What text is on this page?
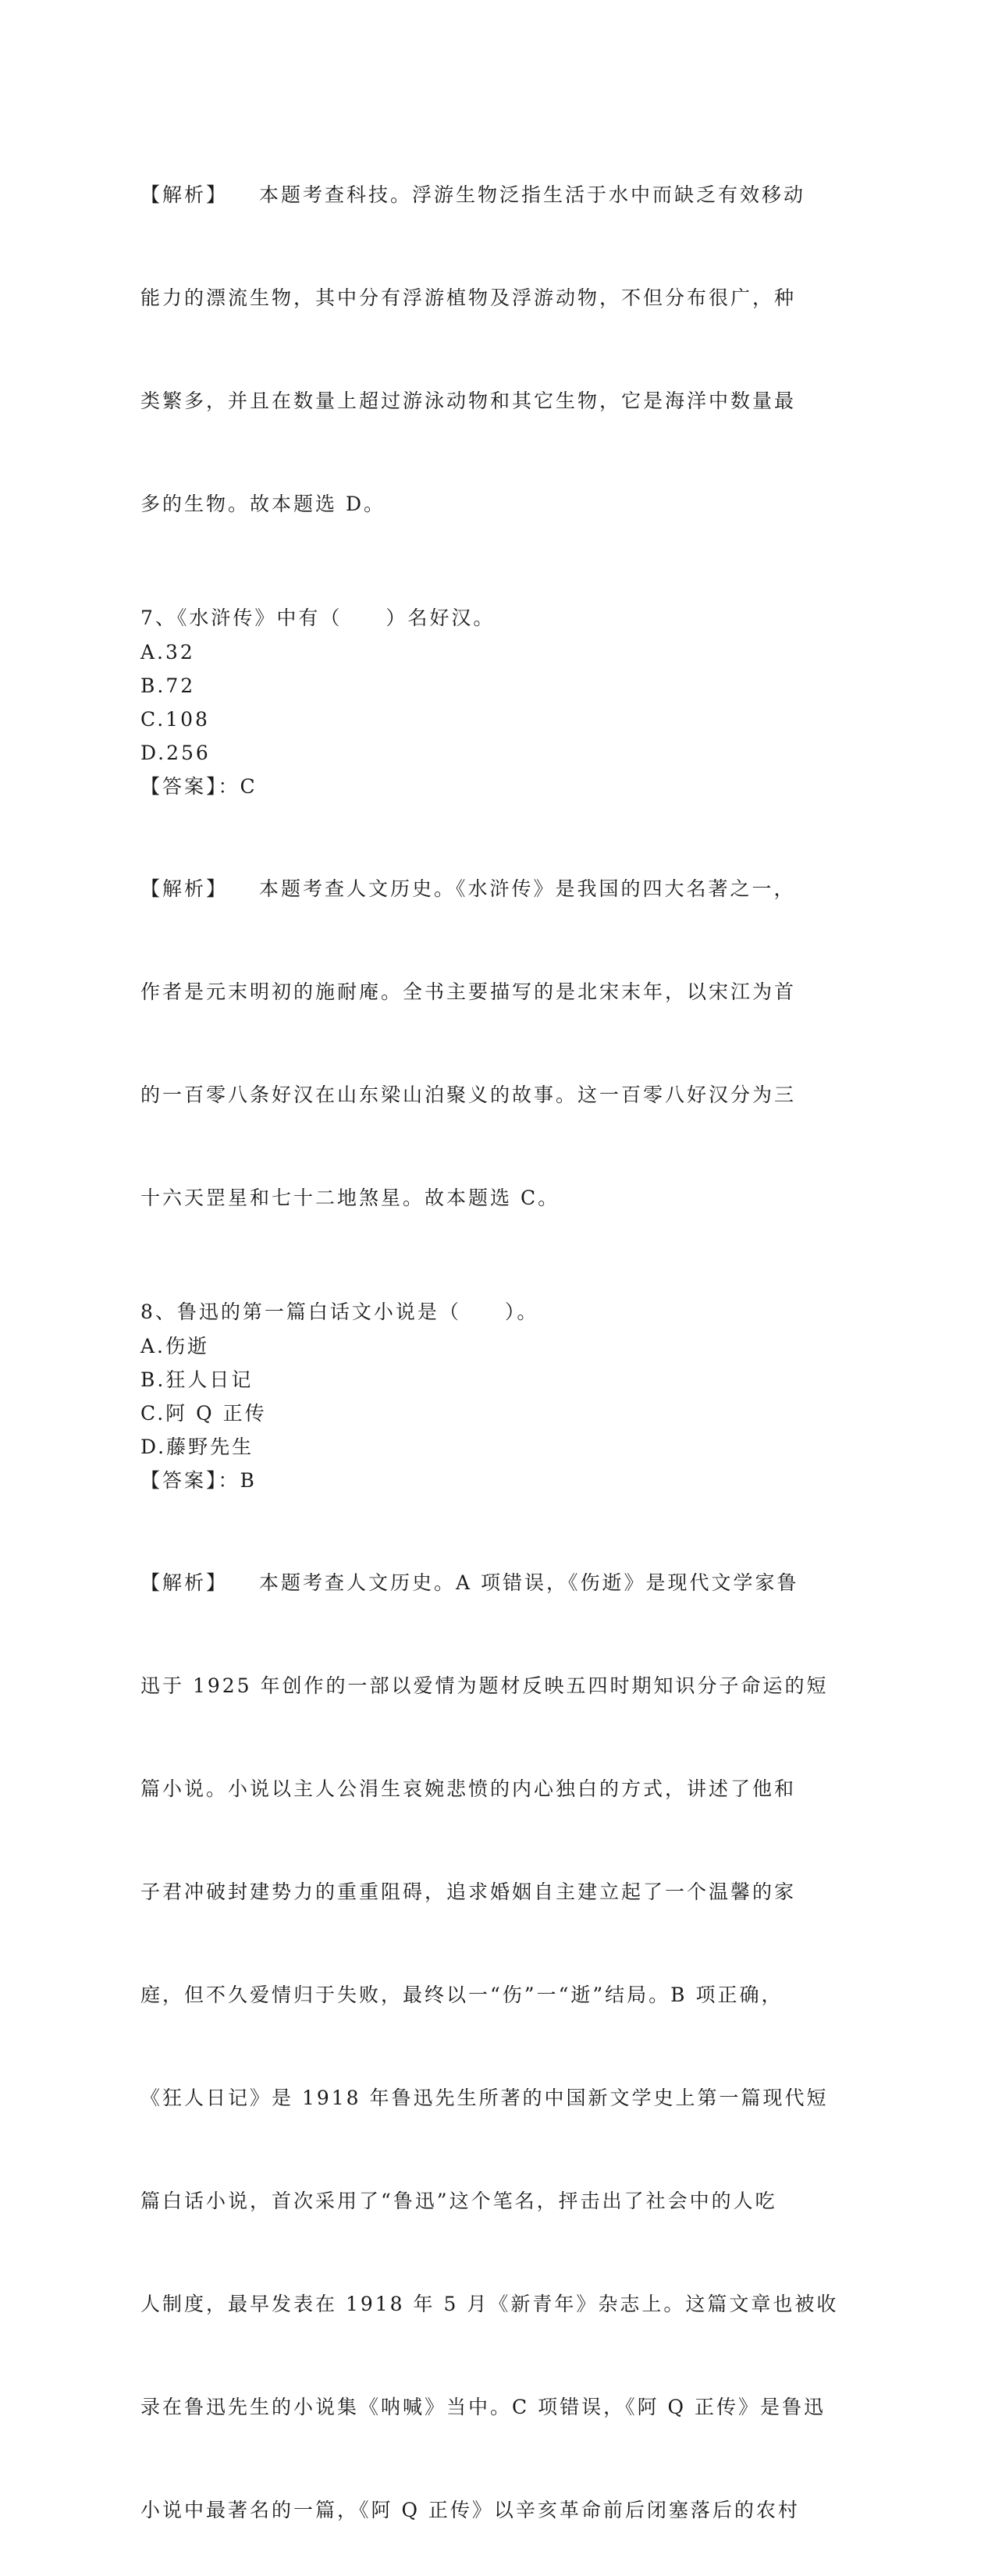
【解析】 本题考查科技。浮游生物泛指生活于水中而缺乏有效移动

能力的漂流生物，其中分有浮游植物及浮游动物，不但分布很广，种

类繁多，并且在数量上超过游泳动物和其它生物，它是海洋中数量最

多的生物。故本题选 D。

7、《水浒传》中有（　　）名好汉。

A.32

B.72

C.108

D.256

【答案】：C

【解析】 本题考查人文历史。《水浒传》是我国的四大名著之一，

作者是元末明初的施耐庵。全书主要描写的是北宋末年，以宋江为首

的一百零八条好汉在山东梁山泊聚义的故事。这一百零八好汉分为三

十六天罡星和七十二地煞星。故本题选 C。

8、鲁迅的第一篇白话文小说是（　　）。

A.伤逝

B.狂人日记

C.阿 Q 正传

D.藤野先生

【答案】：B

【解析】 本题考查人文历史。A 项错误，《伤逝》是现代文学家鲁

迅于 1925 年创作的一部以爱情为题材反映五四时期知识分子命运的短

篇小说。小说以主人公涓生哀婉悲愤的内心独白的方式，讲述了他和

子君冲破封建势力的重重阻碍，追求婚姻自主建立起了一个温馨的家

庭，但不久爱情归于失败，最终以一“伤”一“逝”结局。B 项正确，

《狂人日记》是 1918 年鲁迅先生所著的中国新文学史上第一篇现代短

篇白话小说，首次采用了“鲁迅”这个笔名，抨击出了社会中的人吃

人制度，最早发表在 1918 年 5 月《新青年》杂志上。这篇文章也被收

录在鲁迅先生的小说集《呐喊》当中。C 项错误，《阿 Q 正传》是鲁迅

小说中最著名的一篇，《阿 Q 正传》以辛亥革命前后闭塞落后的农村
